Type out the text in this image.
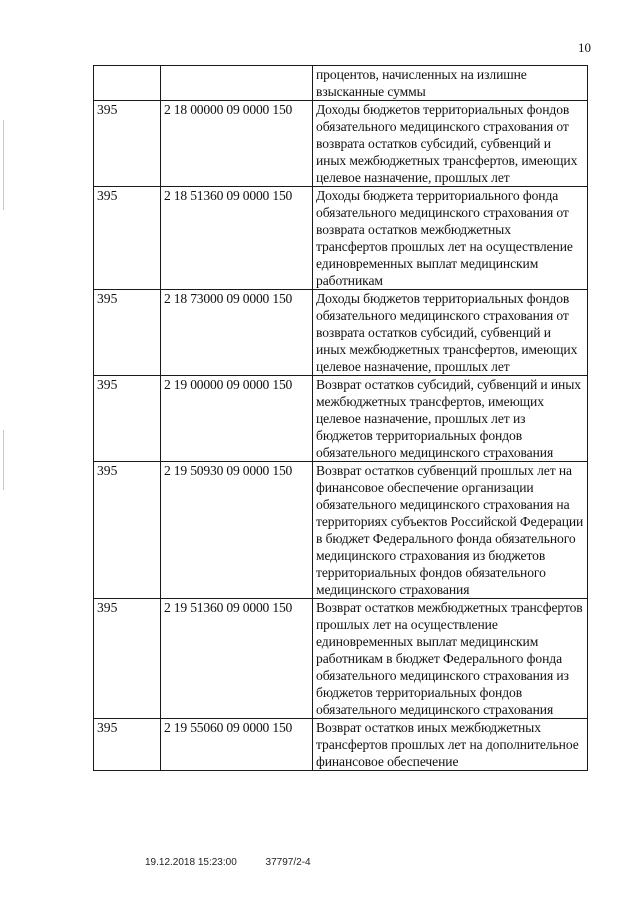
10
		процентов, начисленных на излишне взысканные суммы
395	2 18 00000 09 0000 150	Доходы бюджетов территориальных фондов обязательного медицинского страхования от возврата остатков субсидий, субвенций и иных межбюджетных трансфертов, имеющих целевое назначение, прошлых лет
395	2 18 51360 09 0000 150	Доходы бюджета территориального фонда обязательного медицинского страхования от возврата остатков межбюджетных трансфертов прошлых лет на осуществление единовременных выплат медицинским работникам
395	2 18 73000 09 0000 150	Доходы бюджетов территориальных фондов обязательного медицинского страхования от возврата остатков субсидий, субвенций и иных межбюджетных трансфертов, имеющих целевое назначение, прошлых лет
395	2 19 00000 09 0000 150	Возврат остатков субсидий, субвенций и иных межбюджетных трансфертов, имеющих целевое назначение, прошлых лет из бюджетов территориальных фондов обязательного медицинского страхования
395	2 19 50930 09 0000 150	Возврат остатков субвенций прошлых лет на финансовое обеспечение организации обязательного медицинского страхования на территориях субъектов Российской Федерации в бюджет Федерального фонда обязательного медицинского страхования из бюджетов территориальных фондов обязательного медицинского страхования
395	2 19 51360 09 0000 150	Возврат остатков межбюджетных трансфертов прошлых лет на осуществление единовременных выплат медицинским работникам в бюджет Федерального фонда обязательного медицинского страхования из бюджетов территориальных фондов обязательного медицинского страхования
395	2 19 55060 09 0000 150	Возврат остатков иных межбюджетных трансфертов прошлых лет на дополнительное финансовое обеспечение
19.12.2018 15:23:00	37797/2-4
